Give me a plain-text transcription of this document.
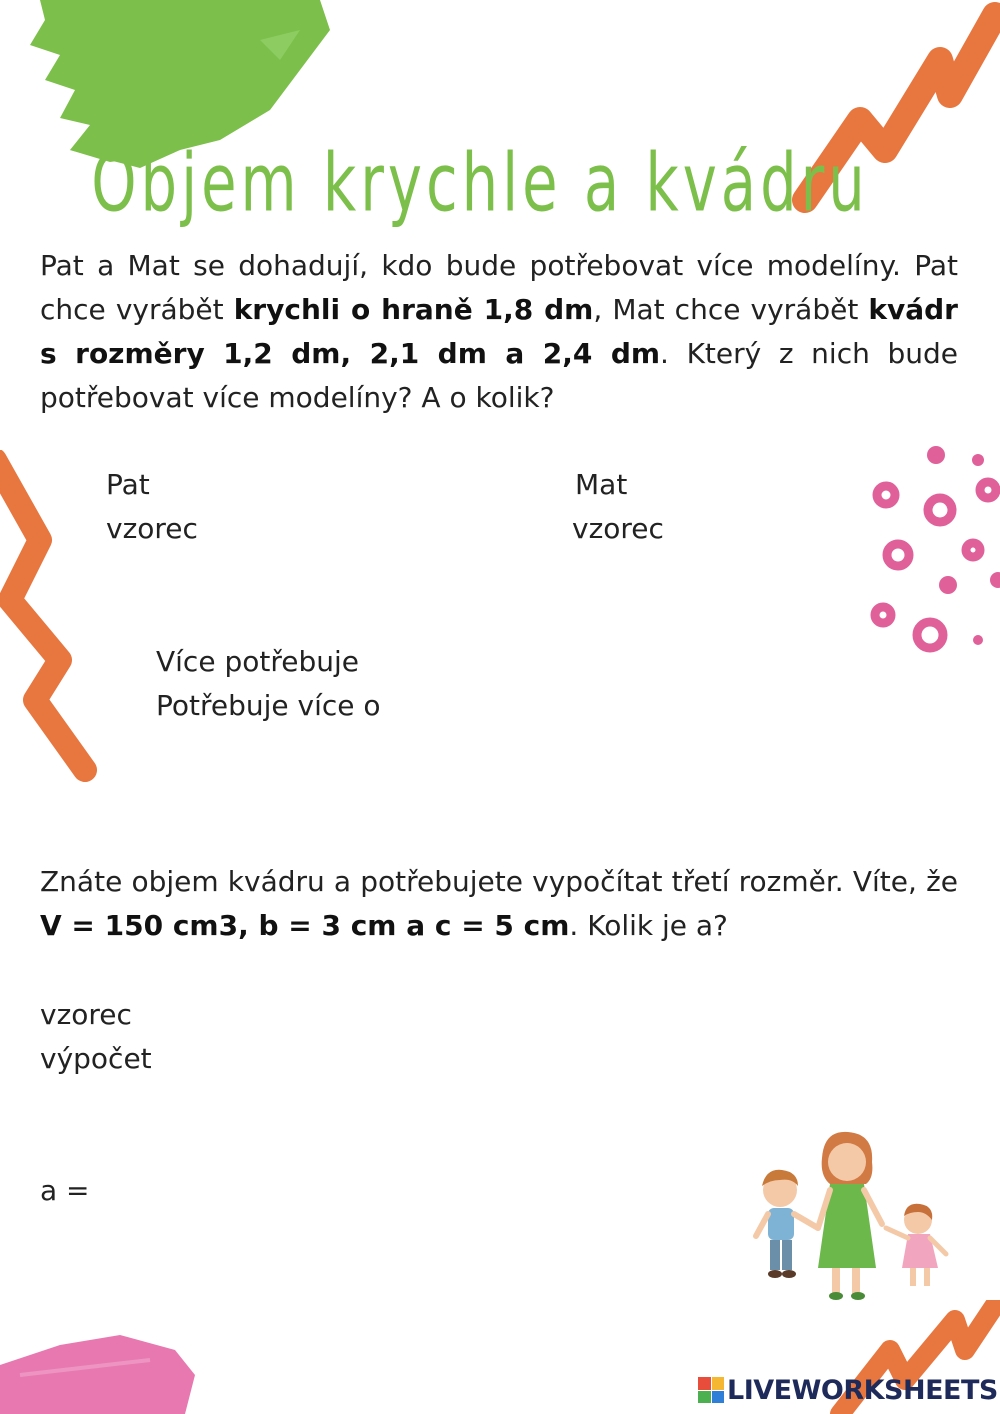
Objem krychle a kvádru
Pat a Mat se dohadují, kdo bude potřebovat více modelíny. Pat chce vyrábět krychli o hraně 1,8 dm, Mat chce vyrábět kvádr s rozměry 1,2 dm, 2,1 dm a 2,4 dm. Který z nich bude potřebovat více modelíny? A o kolik?
Pat
vzorec
Mat
vzorec
Více potřebuje
Potřebuje více o
Znáte objem kvádru a potřebujete vypočítat třetí rozměr. Víte, že V = 150 cm3, b = 3 cm a c = 5 cm. Kolik je a?
vzorec
výpočet
a =
LIVEWORKSHEETS
